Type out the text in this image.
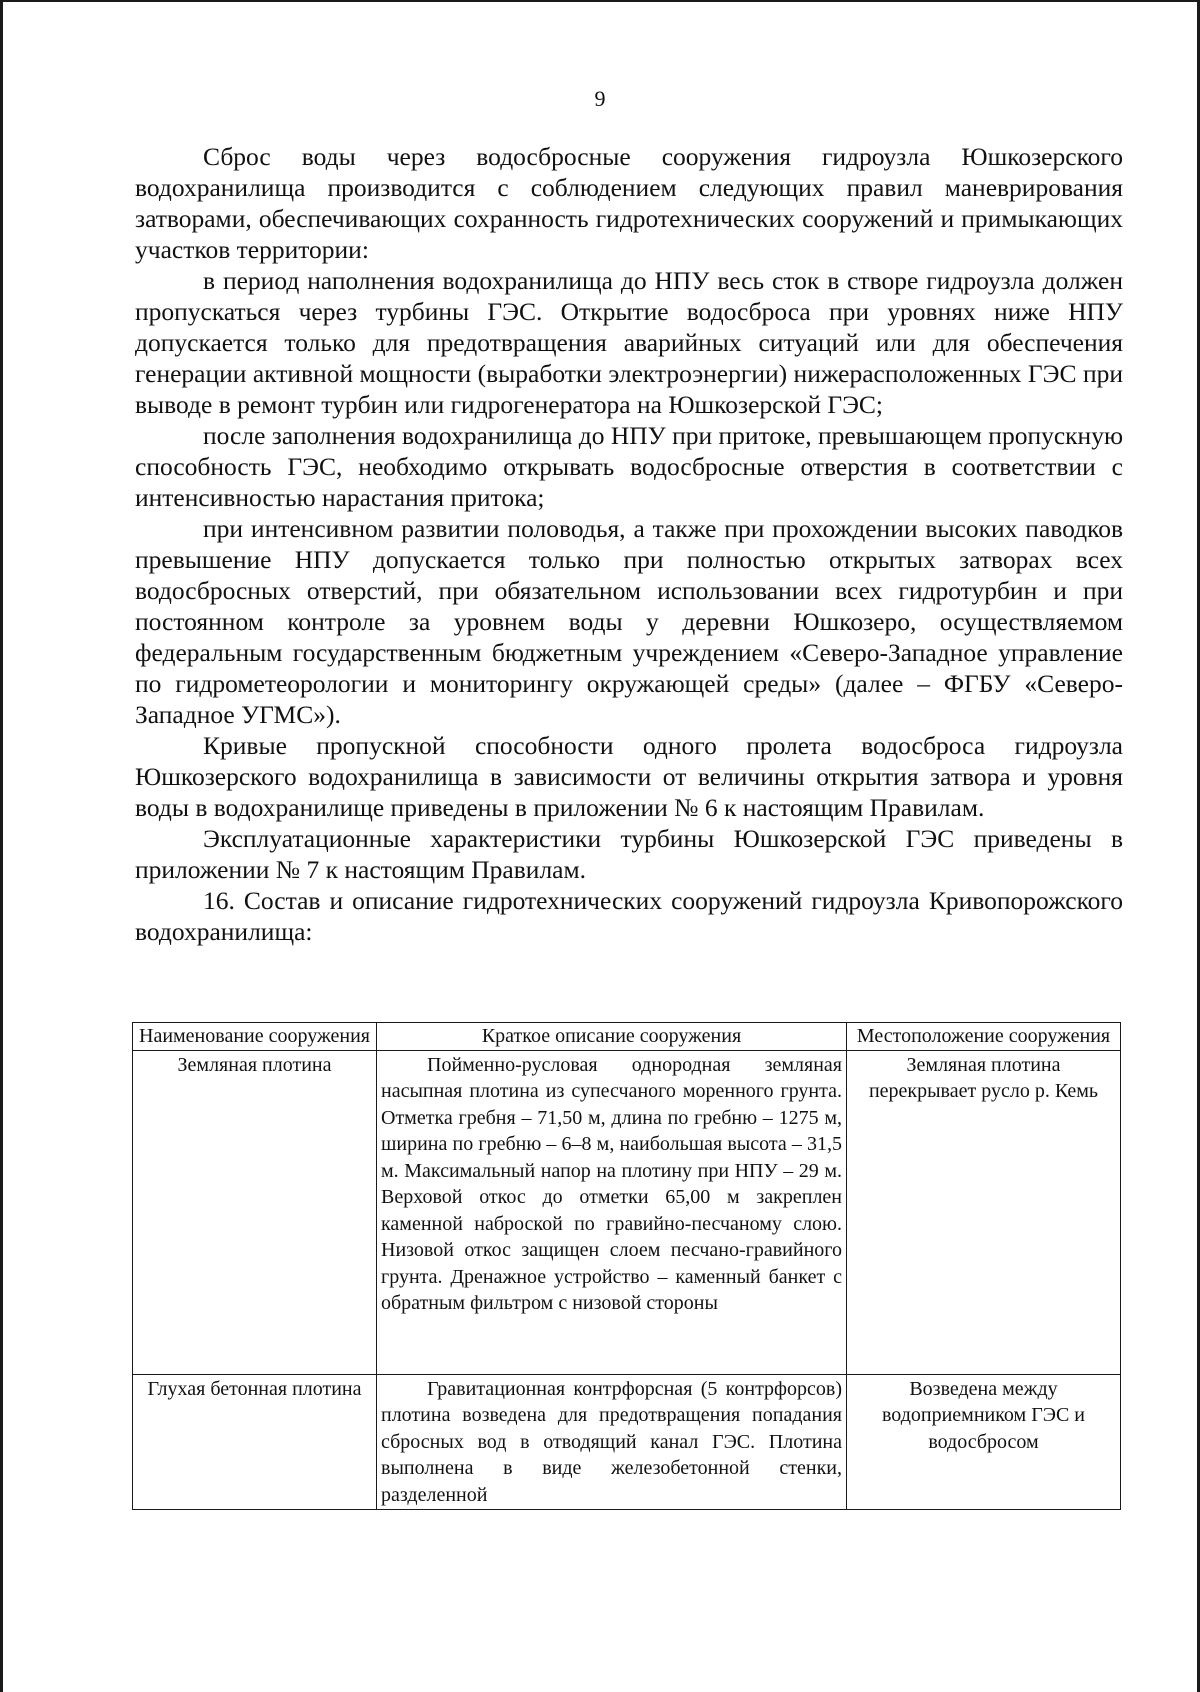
9

Сброс воды через водосбросные сооружения гидроузла Юшкозерского водохранилища производится с соблюдением следующих правил маневрирования затворами, обеспечивающих сохранность гидротехнических сооружений и примыкающих участков территории:

в период наполнения водохранилища до НПУ весь сток в створе гидроузла должен пропускаться через турбины ГЭС. Открытие водосброса при уровнях ниже НПУ допускается только для предотвращения аварийных ситуаций или для обеспечения генерации активной мощности (выработки электроэнергии) нижерасположенных ГЭС при выводе в ремонт турбин или гидрогенератора на Юшкозерской ГЭС;

после заполнения водохранилища до НПУ при притоке, превышающем пропускную способность ГЭС, необходимо открывать водосбросные отверстия в соответствии с интенсивностью нарастания притока;

при интенсивном развитии половодья, а также при прохождении высоких паводков превышение НПУ допускается только при полностью открытых затворах всех водосбросных отверстий, при обязательном использовании всех гидротурбин и при постоянном контроле за уровнем воды у деревни Юшкозеро, осуществляемом федеральным государственным бюджетным учреждением «Северо-Западное управление по гидрометеорологии и мониторингу окружающей среды» (далее – ФГБУ «Северо-Западное УГМС»).

Кривые пропускной способности одного пролета водосброса гидроузла Юшкозерского водохранилища в зависимости от величины открытия затвора и уровня воды в водохранилище приведены в приложении № 6 к настоящим Правилам.

Эксплуатационные характеристики турбины Юшкозерской ГЭС приведены в приложении № 7 к настоящим Правилам.

16. Состав и описание гидротехнических сооружений гидроузла Кривопорожского водохранилища:

Наименование сооружения	Краткое описание сооружения	Местоположение сооружения
Земляная плотина	Пойменно-русловая однородная земляная насыпная плотина из супесчаного моренного грунта. Отметка гребня – 71,50 м, длина по гребню – 1275 м, ширина по гребню – 6–8 м, наибольшая высота – 31,5 м. Максимальный напор на плотину при НПУ – 29 м. Верховой откос до отметки 65,00 м закреплен каменной наброской по гравийно-песчаному слою. Низовой откос защищен слоем песчано-гравийного грунта. Дренажное устройство – каменный банкет с обратным фильтром с низовой стороны	Земляная плотина перекрывает русло р. Кемь
Глухая бетонная плотина	Гравитационная контрфорсная (5 контрфорсов) плотина возведена для предотвращения попадания сбросных вод в отводящий канал ГЭС. Плотина выполнена в виде железобетонной стенки, разделенной	Возведена между водоприемником ГЭС и водосбросом
